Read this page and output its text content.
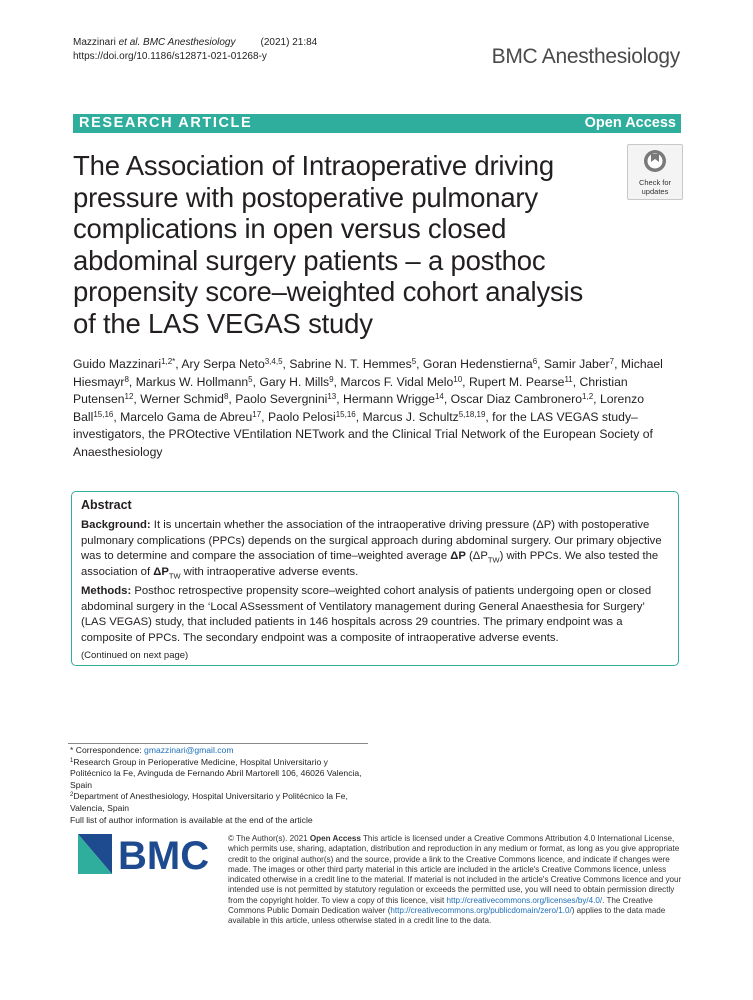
Mazzinari et al. BMC Anesthesiology	(2021) 21:84
https://doi.org/10.1186/s12871-021-01268-y	BMC Anesthesiology
RESEARCH ARTICLE	Open Access
The Association of Intraoperative driving pressure with postoperative pulmonary complications in open versus closed abdominal surgery patients – a posthoc propensity score–weighted cohort analysis of the LAS VEGAS study
Check for
updates
Guido Mazzinari$^{1,2*}$, Ary Serpa Neto$^{3,4,5}$, Sabrine N. T. Hemmes$^5$, Goran Hedenstierna$^6$, Samir Jaber$^7$, Michael Hiesmayr$^8$, Markus W. Hollmann$^5$, Gary H. Mills$^9$, Marcos F. Vidal Melo$^{10}$, Rupert M. Pearse$^{11}$, Christian Putensen$^{12}$, Werner Schmid$^8$, Paolo Severgnini$^{13}$, Hermann Wrigge$^{14}$, Oscar Diaz Cambronero$^{1,2}$, Lorenzo Ball$^{15,16}$, Marcelo Gama de Abreu$^{17}$, Paolo Pelosi$^{15,16}$, Marcus J. Schultz$^{5,18,19}$, for the LAS VEGAS study–investigators, the PROtective VEntilation NETwork and the Clinical Trial Network of the European Society of Anaesthesiology
Abstract

Background: It is uncertain whether the association of the intraoperative driving pressure (ΔP) with postoperative pulmonary complications (PPCs) depends on the surgical approach during abdominal surgery. Our primary objective was to determine and compare the association of time–weighted average ΔP $(\Delta P_{TW})$ with PPCs. We also tested the association of $\Delta P_{TW}$ with intraoperative adverse events.

Methods: Posthoc retrospective propensity score–weighted cohort analysis of patients undergoing open or closed abdominal surgery in the ‘Local ASsessment of Ventilatory management during General Anaesthesia for Surgery’ (LAS VEGAS) study, that included patients in 146 hospitals across 29 countries. The primary endpoint was a composite of PPCs. The secondary endpoint was a composite of intraoperative adverse events.

(Continued on next page)
* Correspondence: gmazzinari@gmail.com
$^1$Research Group in Perioperative Medicine, Hospital Universitario y Politécnico la Fe, Avinguda de Fernando Abril Martorell 106, 46026 Valencia, Spain
$^2$Department of Anesthesiology, Hospital Universitario y Politécnico la Fe, Valencia, Spain
Full list of author information is available at the end of the article
BMC © The Author(s). 2021 Open Access This article is licensed under a Creative Commons Attribution 4.0 International License, which permits use, sharing, adaptation, distribution and reproduction in any medium or format, as long as you give appropriate credit to the original author(s) and the source, provide a link to the Creative Commons licence, and indicate if changes were made. The images or other third party material in this article are included in the article's Creative Commons licence, unless indicated otherwise in a credit line to the material. If material is not included in the article's Creative Commons licence and your intended use is not permitted by statutory regulation or exceeds the permitted use, you will need to obtain permission directly from the copyright holder. To view a copy of this licence, visit http://creativecommons.org/licenses/by/4.0/. The Creative Commons Public Domain Dedication waiver (http://creativecommons.org/publicdomain/zero/1.0/) applies to the data made available in this article, unless otherwise stated in a credit line to the data.
